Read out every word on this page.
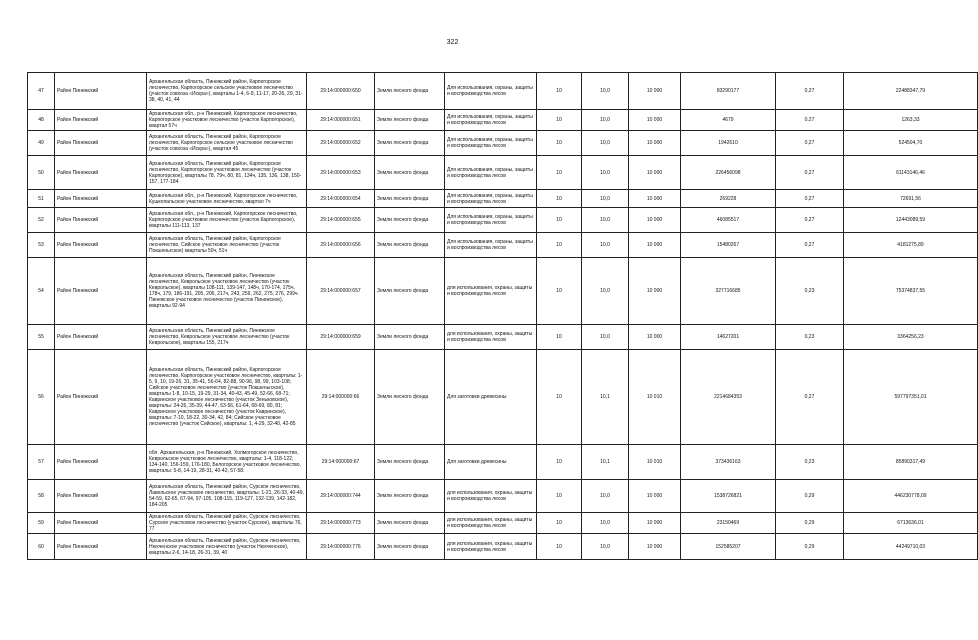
322
47	Район Пинежский	Архангельская область, Пинежский район, Карпогорское лесничество, Карпогорское сельское участковое лесничество (участок совхоза «Искра»), кварталы 1-4, 6-9, 11-17, 20-26, 29, 31-38, 40, 41, 44	29:14:000000:650	Земли лесного фонда	Для использования, охраны, защиты и воспроизводства лесов	10	10,0	10 000	83290177	0,27	22488347,79
48	Район Пинежский	Архангельская обл., р-н Пинежский, Карпогорское лесничество, Карпогорское участковое лесничество (участок Карпогорское), квартал 57ч	29:14:000000:651	Земли лесного фонда	Для использования, охраны, защиты и воспроизводства лесов	10	10,0	10 000	4679	0,27	1263,33
49	Район Пинежский	Архангельская область, Пинежский район, Карпогорское лесничество, Карпогорское сельское участковое лесничество (участок совхоза «Искра»), квартал 45	29:14:000000:652	Земли лесного фонда	Для использования, охраны, защиты и воспроизводства лесов	10	10,0	10 000	1942610	0,27	524504,70
50	Район Пинежский	Архангельская область, Пинежский район, Карпогорское лесничество, Карпогорское участковое лесничество (участок Карпогорское), кварталы 78, 79ч, 80, 81, 134ч, 135, 136, 138, 150-157, 177-184	29:14:000000:653	Земли лесного фонда	Для использования, охраны, защиты и воспроизводства лесов	10	10,0	10 000	226456098	0,27	61143146,46
51	Район Пинежский	Архангельская обл., р-н Пинежский, Карпогорское лесничество, Кушкопальское участковое лесничество, квартал 7ч	29:14:000000:654	Земли лесного фонда	Для использования, охраны, защиты и воспроизводства лесов	10	10,0	10 000	269228	0,27	72691,56
52	Район Пинежский	Архангельская обл., р-н Пинежский, Карпогорское лесничество, Карпогорское участковое лесничество (участок Карпогорское), кварталы 111-113, 137	29:14:000000:655	Земли лесного фонда	Для использования, охраны, защиты и воспроизводства лесов	10	10,0	10 000	46085517	0,27	12443089,59
53	Район Пинежский	Архангельская область, Пинежский район, Карпогорское лесничество, Сийское участковое лесничество (участок Покшеньгское) кварталы 50ч, 51ч	29:14:000000:656	Земли лесного фонда	Для использования, охраны, защиты и воспроизводства лесов	10	10,0	10 000	15480267	0,27	4181275,89
54	Район Пинежский	Архангельская область, Пинежский район, Пинежское лесничество, Кеврольское участковое лесничество (участок Кеврольское), кварталы 108-111, 139-147, 148ч, 170-174, 175ч, 178ч, 179, 186-191, 205, 206, 217ч, 243, 259, 262, 275, 276, 299ч. Пинежское участковое лесничество (участок Пинежское), кварталы 92-94	29:14:000000:657	Земли лесного фонда	для использования, охраны, защиты и воспроизводства лесов	10	10,0	10 000	327716685	0,23	75374837,55
55	Район Пинежский	Архангельская область, Пинежский район, Пинежское лесничество, Кеврольское участковое лесничество (участок Кеврольское), кварталы 155, 217ч	29:14:000000:659	Земли лесного фонда	для использования, охраны, защиты и воспроизводства лесов	10	10,0	10 000	14627201	0,23	3364256,23
56	Район Пинежский	Архангельская область, Пинежский район, Карпогорское лесничество, Карпогорское участковое лесничество, кварталы: 1-5, 9, 10, 19-26, 31, 35-41, 56-64, 82-88, 90-96, 98, 99, 103-108; Сийское участковое лесничество (участок Покшеньгское), кварталы 1-8, 10-15, 19-29, 31-34, 40-43, 45-49, 52-66, 68-71; Кавринское участковое лесничество (участок Зеньковское), кварталы: 24-26, 35-39, 44-47, 53-56, 61-64, 68-69, 80, 81; Кавринское участковое лесничество (участок Кавринское), кварталы: 7-10, 18-22, 30-34, 42, 84; Сийское участковое лесничество (участок Сийское), кварталы: 1, 4-29, 32-40, 42-85	29:14:000000:66	Земли лесного фонда	Для заготовки древесины	10	10,1	10 010	2214684353	0,27	597797351,01
57	Район Пинежский	обл. Архангельская, р-н Пинежский, Холмогорское лесничество, Кеврольское участковое лесничество, кварталы: 1-4, 118-122, 134-140, 156-159, 176-180, Белогорское участковое лесничество, кварталы: 5-8, 14-19, 28-31, 40-42, 57-58.	29:14:000000:67	Земли лесного фонда	Для заготовки древесины	10	10,1	10 010	373436163	0,23	85890317,49
58	Район Пинежский	Архангельская область, Пинежский район, Сурское лесничество, Лавельское участковое лесничество, кварталы: 1-21, 26-33, 40-49, 54-59, 62-65, 67-94, 97-105, 108-115, 119-127, 132-139, 142-182, 184-205	29:14:000000:744	Земли лесного фонда	для использования, охраны, защиты и воспроизводства лесов	10	10,0	10 000	1538726821	0,29	446230778,09
59	Район Пинежский	Архангельская область, Пинежский район, Сурское лесничество, Сурское участковое лесничество (участок Сурское), кварталы 76, 77	29:14:000000:773	Земли лесного фонда	для использования, охраны, защиты и воспроизводства лесов	10	10,0	10 000	23150469	0,29	6713636,01
60	Район Пинежский	Архангельская область, Пинежский район, Сурское лесничество, Нюхченское участковое лесничество (участок Нюхченское), кварталы 2-6, 14-18, 26-31, 39, 40	29:14:000000:776	Земли лесного фонда	для использования, охраны, защиты и воспроизводства лесов	10	10,0	10 000	152585207	0,29	44249710,03
